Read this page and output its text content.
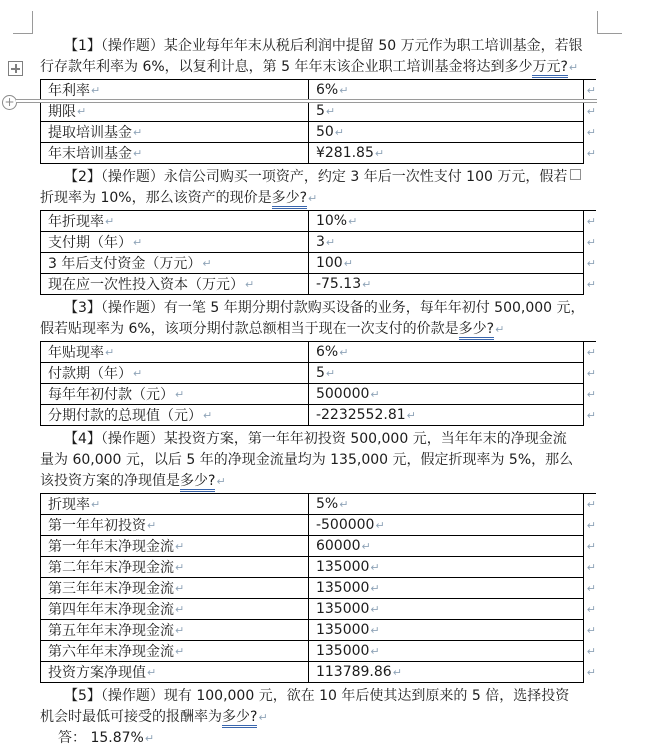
【1】（操作题）某企业每年年末从税后利润中提留 50 万元作为职工培训基金，若银
行存款年利率为 6%，以复利计息，第 5 年年末该企业职工培训基金将达到多少万元?↵
年利率 ↵	6% ↵	↵
期限 ↵	5 ↵	↵
提取培训基金 ↵	50 ↵	↵
年末培训基金 ↵	¥281.85 ↵	↵
【2】（操作题）永信公司购买一项资产，约定 3 年后一次性支付 100 万元，假若
折现率为 10%，那么该资产的现价是多少?↵
年折现率 ↵	10% ↵	↵
支付期（年） ↵	3 ↵	↵
3 年后支付资金（万元） ↵	100 ↵	↵
现在应一次性投入资本（万元） ↵	-75.13 ↵	↵
【3】（操作题）有一笔 5 年期分期付款购买设备的业务，每年年初付 500,000 元，
假若贴现率为 6%，该项分期付款总额相当于现在一次支付的价款是多少?↵
年贴现率 ↵	6% ↵	↵
付款期（年） ↵	5 ↵	↵
每年年初付款（元） ↵	500000 ↵	↵
分期付款的总现值（元） ↵	-2232552.81 ↵	↵
【4】（操作题）某投资方案，第一年年初投资 500,000 元，当年年末的净现金流
量为 60,000 元，以后 5 年的净现金流量均为 135,000 元，假定折现率为 5%，那么
该投资方案的净现值是多少?↵
折现率 ↵	5% ↵	↵
第一年年初投资 ↵	-500000 ↵	↵
第一年年末净现金流 ↵	60000 ↵	↵
第二年年末净现金流 ↵	135000 ↵	↵
第三年年末净现金流 ↵	135000 ↵	↵
第四年年末净现金流 ↵	135000 ↵	↵
第五年年末净现金流 ↵	135000 ↵	↵
第六年年末净现金流 ↵	135000 ↵	↵
投资方案净现值 ↵	113789.86 ↵	↵
【5】（操作题）现有 100,000 元，欲在 10 年后使其达到原来的 5 倍，选择投资
机会时最低可接受的报酬率为多少?↵
答： 15.87%↵
+
